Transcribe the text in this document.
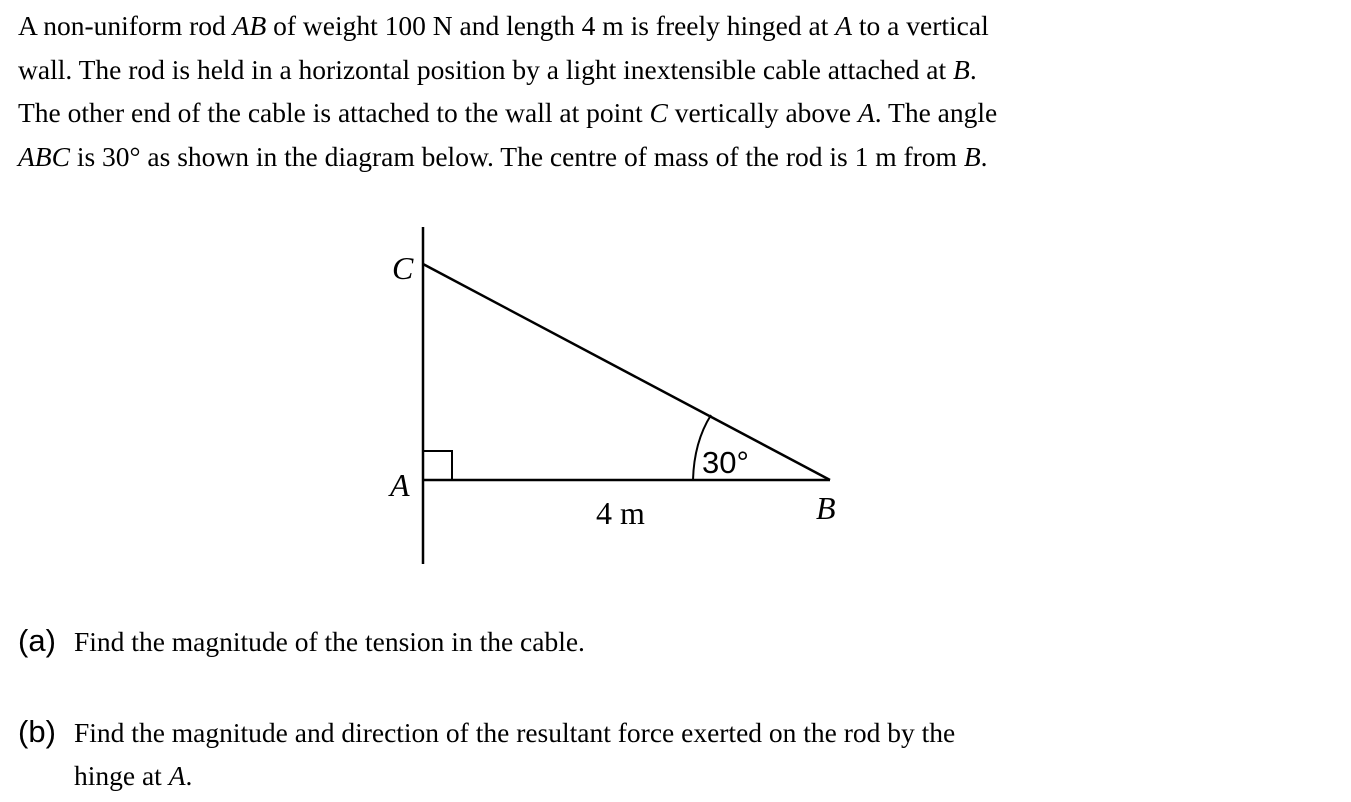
A non-uniform rod AB of weight 100 N and length 4 m is freely hinged at A to a vertical
wall. The rod is held in a horizontal position by a light inextensible cable attached at B.
The other end of the cable is attached to the wall at point C vertically above A. The angle
ABC is 30° as shown in the diagram below. The centre of mass of the rod is 1 m from B.
C
A
B
30°
4 m
(a) Find the magnitude of the tension in the cable.
(b) Find the magnitude and direction of the resultant force exerted on the rod by the
hinge at A.
